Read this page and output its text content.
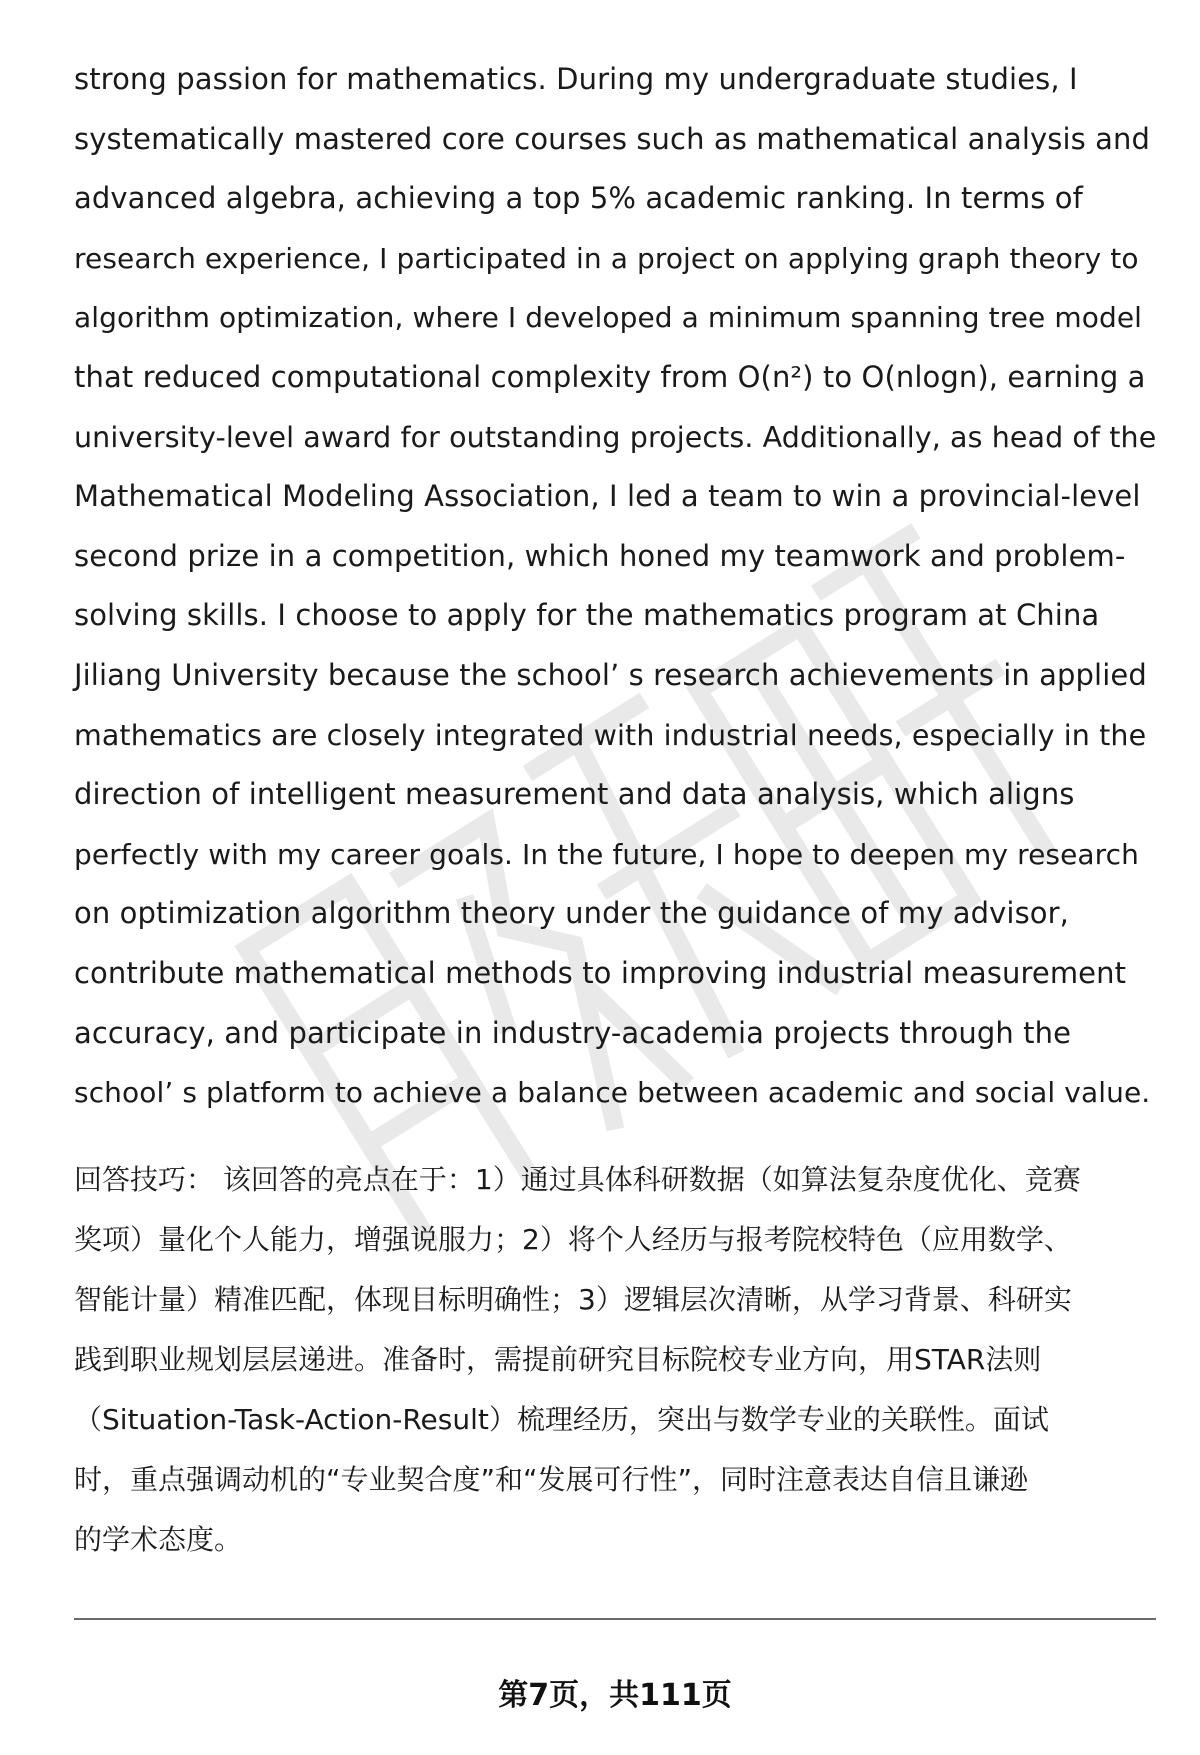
strong passion for mathematics. During my undergraduate studies, I
systematically mastered core courses such as mathematical analysis and
advanced algebra, achieving a top 5% academic ranking. In terms of
research experience, I participated in a project on applying graph theory to
algorithm optimization, where I developed a minimum spanning tree model
that reduced computational complexity from O(n²) to O(nlogn), earning a
university-level award for outstanding projects. Additionally, as head of the
Mathematical Modeling Association, I led a team to win a provincial-level
second prize in a competition, which honed my teamwork and problem-
solving skills. I choose to apply for the mathematics program at China
Jiliang University because the school’ s research achievements in applied
mathematics are closely integrated with industrial needs, especially in the
direction of intelligent measurement and data analysis, which aligns
perfectly with my career goals. In the future, I hope to deepen my research
on optimization algorithm theory under the guidance of my advisor,
contribute mathematical methods to improving industrial measurement
accuracy, and participate in industry-academia projects through the
school’ s platform to achieve a balance between academic and social value.
回答技巧： 该回答的亮点在于：1）通过具体科研数据（如算法复杂度优化、竞赛
奖项）量化个人能力，增强说服力；2）将个人经历与报考院校特色（应用数学、
智能计量）精准匹配，体现目标明确性；3）逻辑层次清晰，从学习背景、科研实
践到职业规划层层递进。准备时，需提前研究目标院校专业方向，用STAR法则
（Situation-Task-Action-Result）梳理经历，突出与数学专业的关联性。面试
时，重点强调动机的“专业契合度”和“发展可行性”，同时注意表达自信且谦逊
的学术态度。
第7页，共111页
